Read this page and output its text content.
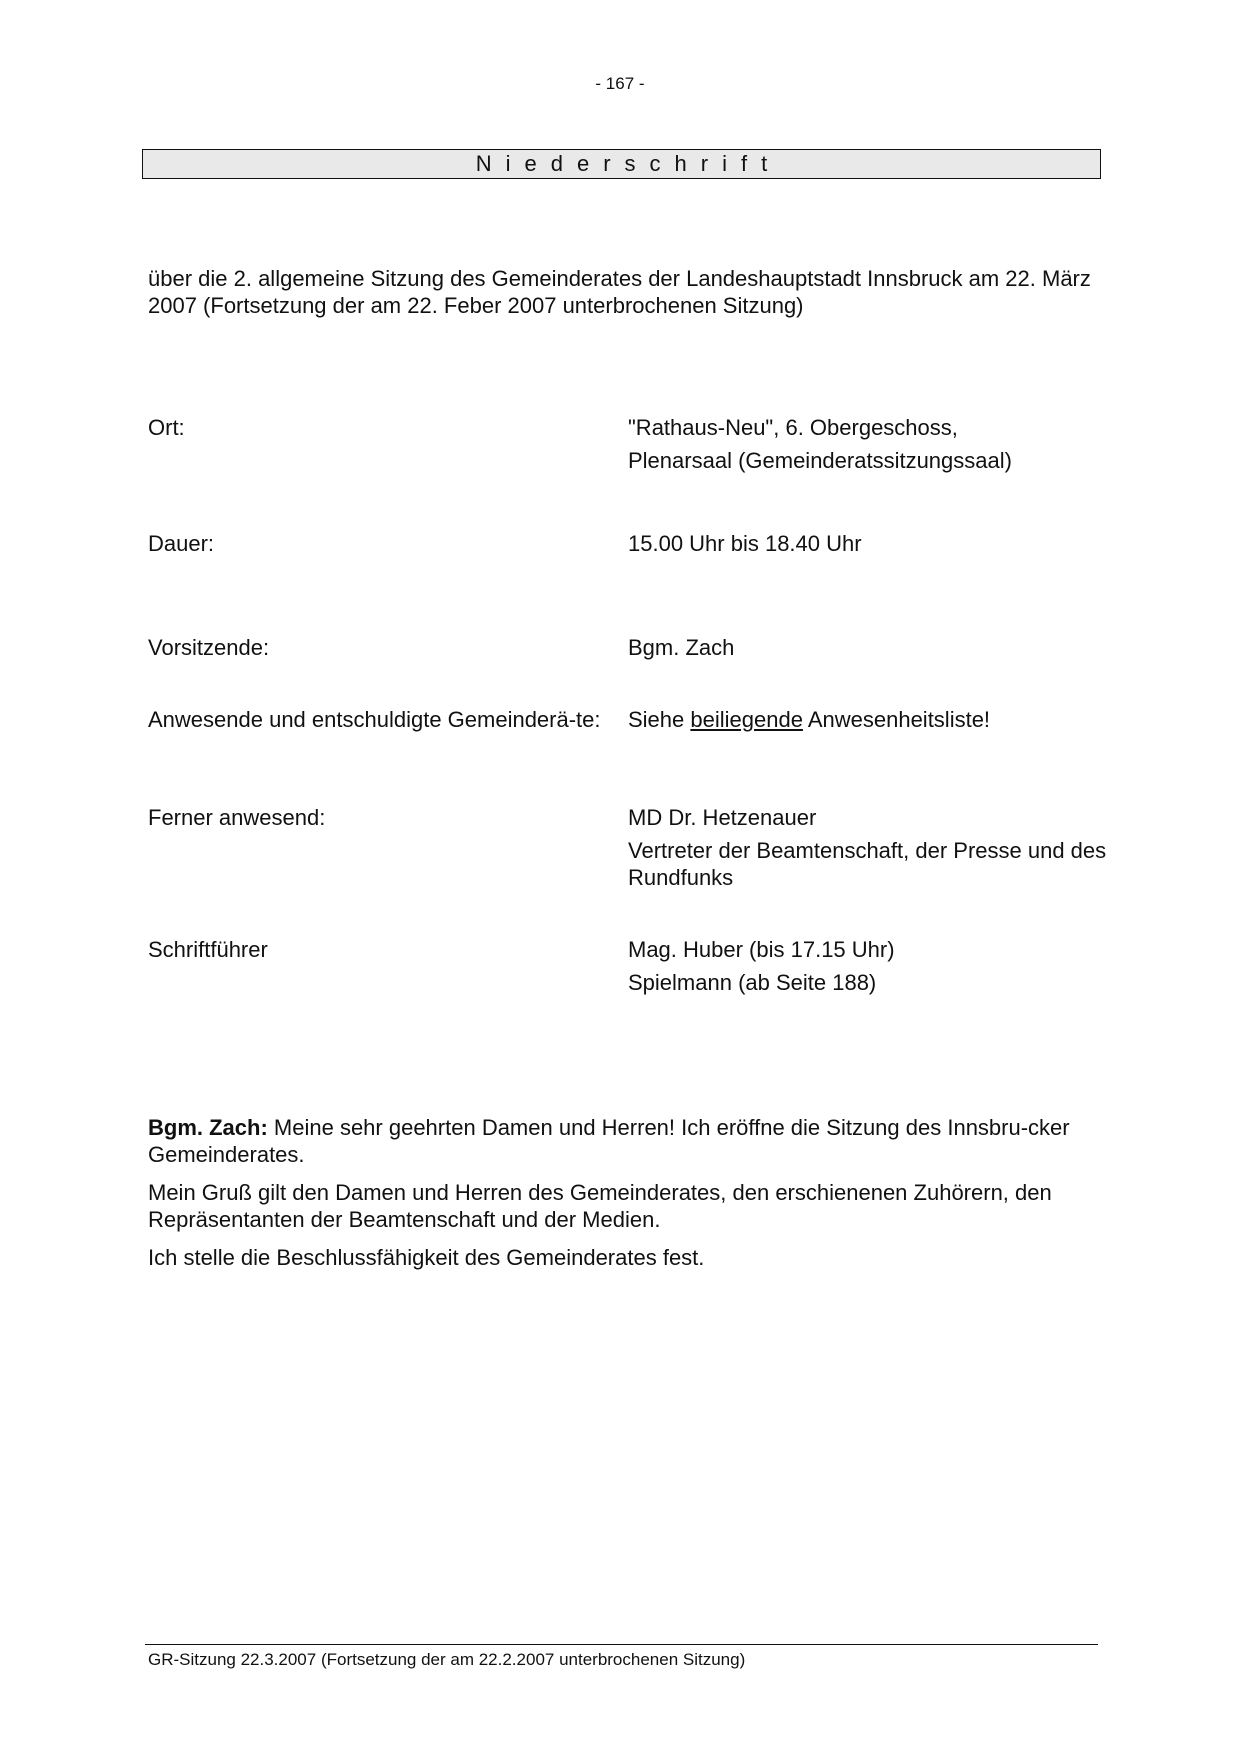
- 167 -
Niederschrift
über die 2. allgemeine Sitzung des Gemeinderates der Landeshauptstadt Innsbruck am 22. März 2007 (Fortsetzung der am 22. Feber 2007 unterbrochenen Sitzung)
Ort:	"Rathaus-Neu", 6. Obergeschoss,
Plenarsaal (Gemeinderatssitzungssaal)
Dauer:	15.00 Uhr bis 18.40 Uhr
Vorsitzende:	Bgm. Zach
Anwesende und entschuldigte Gemeinderä-te: Siehe beiliegende Anwesenheitsliste!
Ferner anwesend:	MD Dr. Hetzenauer
Vertreter der Beamtenschaft, der Presse und des Rundfunks
Schriftführer	Mag. Huber (bis 17.15 Uhr)
Spielmann (ab Seite 188)

Bgm. Zach: Meine sehr geehrten Damen und Herren! Ich eröffne die Sitzung des Innsbru-cker Gemeinderates.

Mein Gruß gilt den Damen und Herren des Gemeinderates, den erschienenen Zuhörern, den Repräsentanten der Beamtenschaft und der Medien.

Ich stelle die Beschlussfähigkeit des Gemeinderates fest.

GR-Sitzung 22.3.2007 (Fortsetzung der am 22.2.2007 unterbrochenen Sitzung)
